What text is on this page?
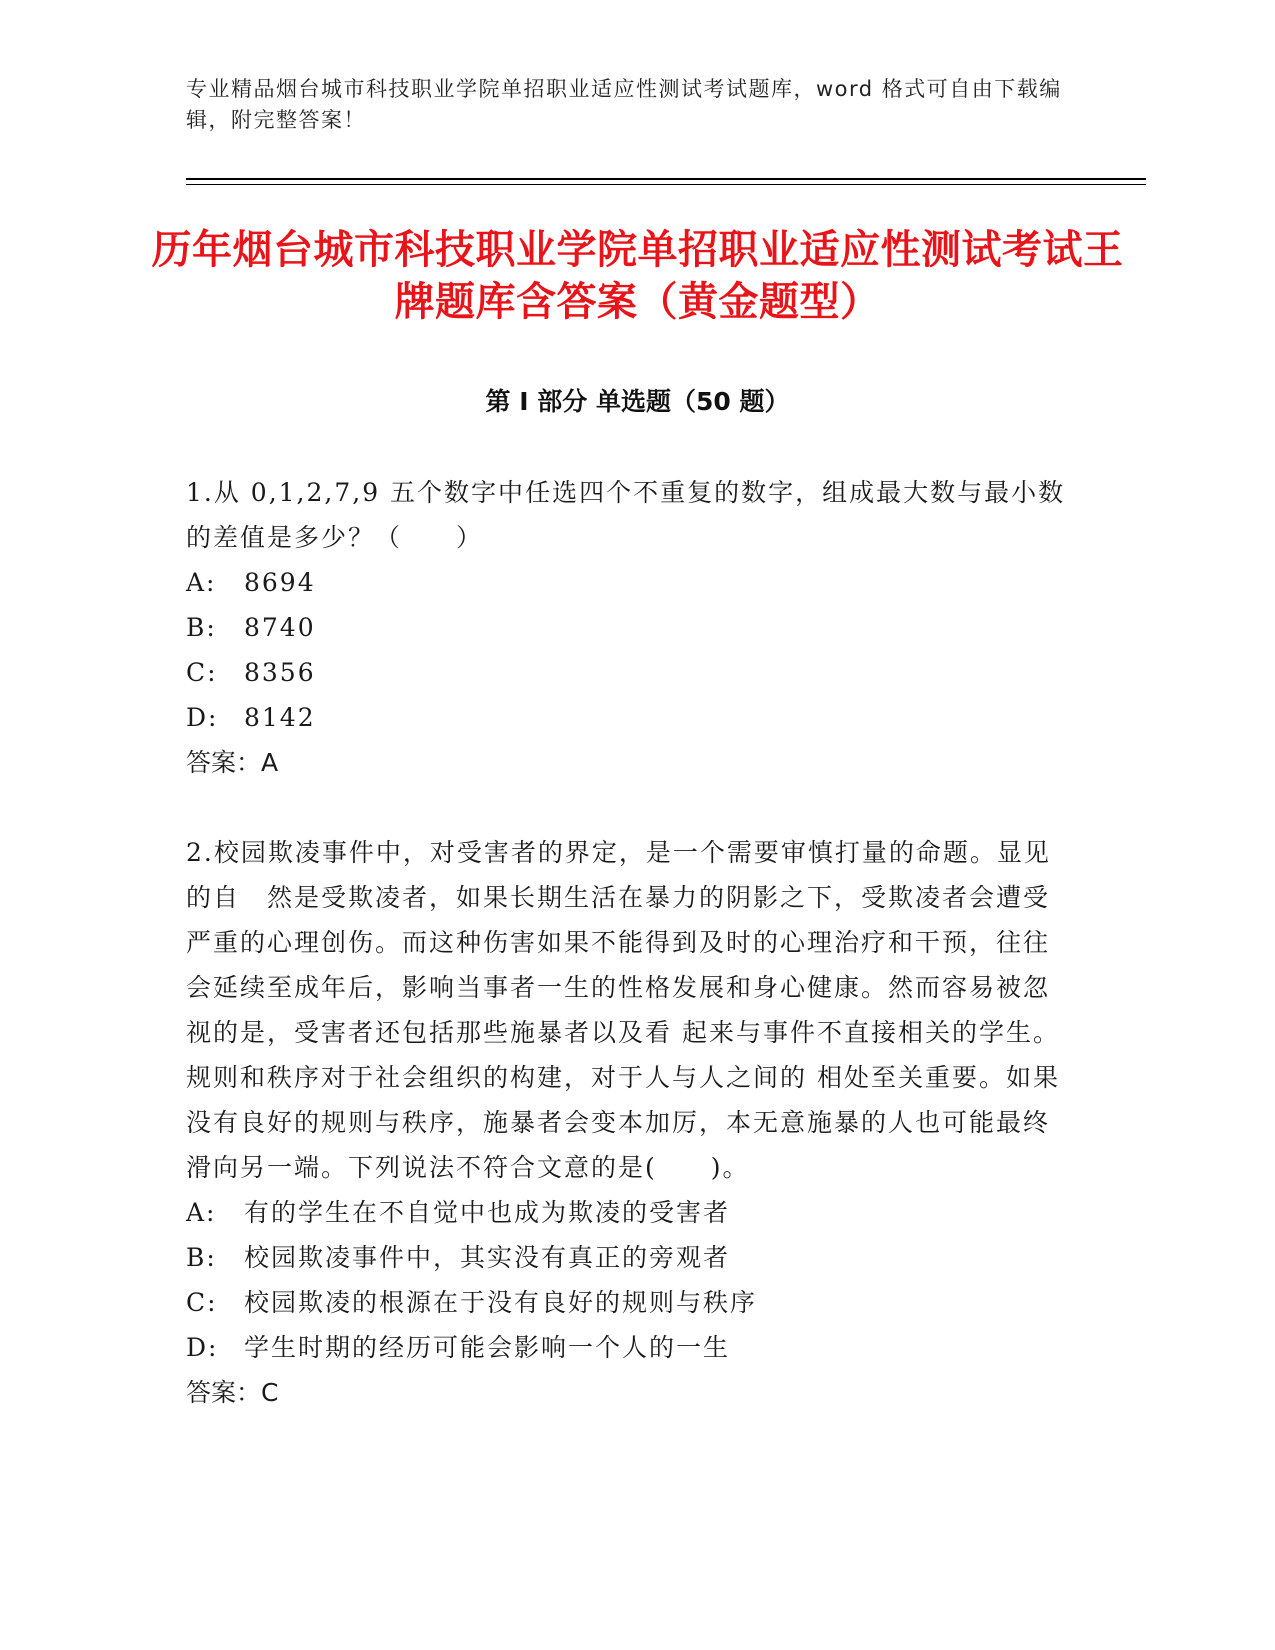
专业精品烟台城市科技职业学院单招职业适应性测试考试题库，word 格式可自由下载编辑，附完整答案！
历年烟台城市科技职业学院单招职业适应性测试考试王牌题库含答案（黄金题型）
第 I 部分 单选题（50 题）

1.从 0,1,2,7,9 五个数字中任选四个不重复的数字，组成最大数与最小数的差值是多少？（　　）

A:	8694
B:	8740
C:	8356
D:	8142

答案：A

2.校园欺凌事件中，对受害者的界定，是一个需要审慎打量的命题。显见的自　然是受欺凌者，如果长期生活在暴力的阴影之下，受欺凌者会遭受严重的心理创伤。而这种伤害如果不能得到及时的心理治疗和干预，往往会延续至成年后，影响当事者一生的性格发展和身心健康。然而容易被忽视的是，受害者还包括那些施暴者以及看 起来与事件不直接相关的学生。规则和秩序对于社会组织的构建，对于人与人之间的 相处至关重要。如果没有良好的规则与秩序，施暴者会变本加厉，本无意施暴的人也可能最终滑向另一端。下列说法不符合文意的是(　　)。

A:	有的学生在不自觉中也成为欺凌的受害者
B:	校园欺凌事件中，其实没有真正的旁观者
C:	校园欺凌的根源在于没有良好的规则与秩序
D:	学生时期的经历可能会影响一个人的一生

答案：C
